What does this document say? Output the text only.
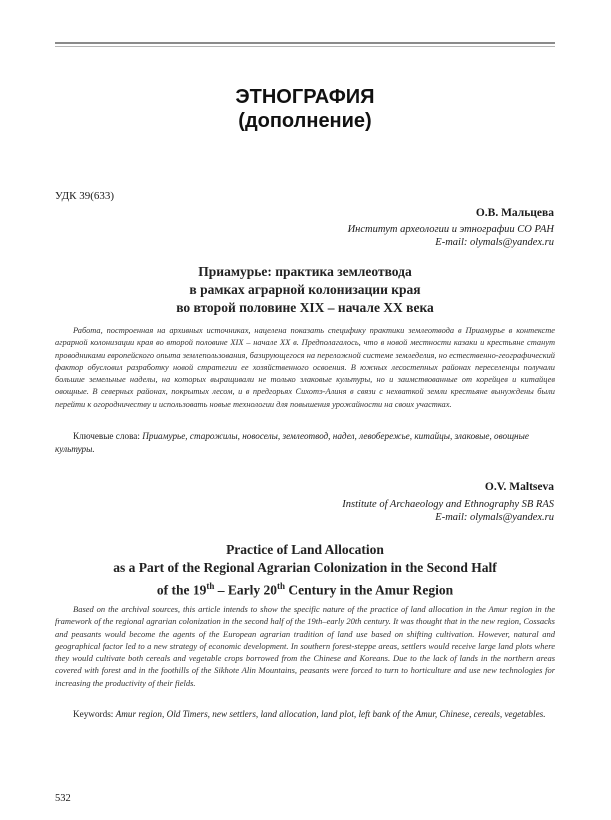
ЭТНОГРАФИЯ
(дополнение)
УДК 39(633)
О.В. Мальцева
Институт археологии и этнографии СО РАН
E-mail: olymals@yandex.ru
Приамурье: практика землеотвода
в рамках аграрной колонизации края
во второй половине XIX – начале XX века

Работа, построенная на архивных источниках, нацелена показать специфику практики землеотвода в Приамурье в контексте аграрной колонизации края во второй половине XIX – начале XX в. Предполагалось, что в новой местности казаки и крестьяне станут проводниками европейского опыта землепользования, базирующегося на переложной системе земледелия, но естественно-географический фактор обусловил разработку новой стратегии ее хозяйственного освоения. В южных лесостепных районах переселенцы получали большие земельные наделы, на которых выращивали не только злаковые культуры, но и заимствованные от корейцев и китайцев овощные. В северных районах, покрытых лесом, и в предгорьях Сихотэ-Алиня в связи с нехваткой земли крестьяне вынуждены были перейти к огородничеству и использовать новые технологии для повышения урожайности на своих участках.

Ключевые слова: Приамурье, старожилы, новоселы, землеотвод, надел, левобережье, китайцы, злаковые, овощные культуры.

O.V. Maltseva
Institute of Archaeology and Ethnography SB RAS
E-mail: olymals@yandex.ru
Practice of Land Allocation
as a Part of the Regional Agrarian Colonization in the Second Half
of the 19th – Early 20th Century in the Amur Region

Based on the archival sources, this article intends to show the specific nature of the practice of land allocation in the Amur region in the framework of the regional agrarian colonization in the second half of the 19th–early 20th century. It was thought that in the new region, Cossacks and peasants would become the agents of the European agrarian tradition of land use based on shifting cultivation. However, natural and geographical factor led to a new strategy of economic development. In southern forest-steppe areas, settlers would receive large land plots where they would cultivate both cereals and vegetable crops borrowed from the Chinese and Koreans. Due to the lack of lands in the northern areas covered with forest and in the foothills of the Sikhote Alin Mountains, peasants were forced to turn to horticulture and use new technologies for increasing the productivity of their fields.

Keywords: Amur region, Old Timers, new settlers, land allocation, land plot, left bank of the Amur, Chinese, cereals, vegetables.

532
